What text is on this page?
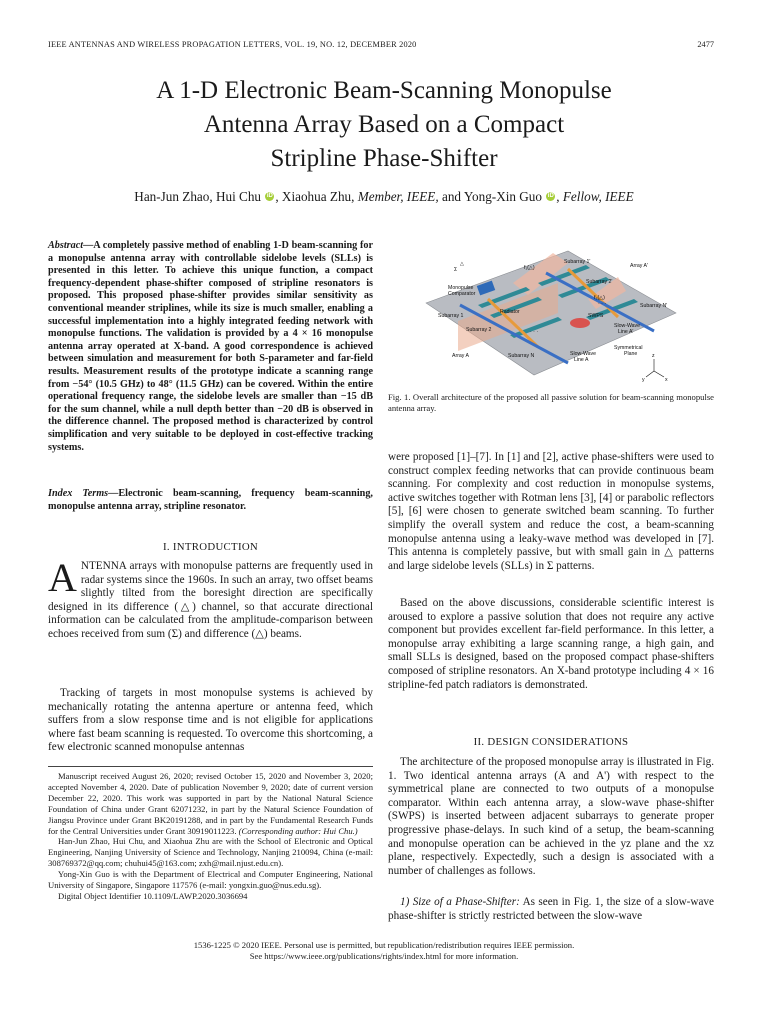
IEEE ANTENNAS AND WIRELESS PROPAGATION LETTERS, VOL. 19, NO. 12, DECEMBER 2020	2477
A 1-D Electronic Beam-Scanning Monopulse
Antenna Array Based on a Compact
Stripline Phase-Shifter
Han-Jun Zhao, Hui Chu iD , Xiaohua Zhu, Member, IEEE, and Yong-Xin Guo iD , Fellow, IEEE
Abstract—A completely passive method of enabling 1-D beam-scanning for a monopulse antenna array with controllable sidelobe levels (SLLs) is presented in this letter. To achieve this unique function, a compact frequency-dependent phase-shifter composed of stripline resonators is proposed. This proposed phase-shifter provides similar sensitivity as conventional meander striplines, while its size is much smaller, enabling a successful implementation into a highly integrated feeding network with monopulse functions. The validation is provided by a 4 × 16 monopulse antenna array operated at X-band. A good correspondence is achieved between simulation and measurement for both S-parameter and far-field results. Measurement results of the prototype indicate a scanning range from −54° (10.5 GHz) to 48° (11.5 GHz) can be covered. Within the entire operational frequency range, the sidelobe levels are smaller than −15 dB for the sum channel, while a null depth better than −20 dB is observed in the difference channel. The proposed method is characterized by control simplification and very suitable to be deployed in cost-effective tracking systems.
Index Terms—Electronic beam-scanning, frequency beam-scanning, monopulse antenna array, stripline resonator.
I. INTRODUCTION
ANTENNA arrays with monopulse patterns are frequently used in radar systems since the 1960s. In such an array, two offset beams slightly tilted from the boresight direction are specifically designed in its difference (△) channel, so that accurate directional information can be calculated from the amplitude-comparison between echoes received from sum (Σ) and difference (△) beams.
Tracking of targets in most monopulse systems is achieved by mechanically rotating the antenna aperture or antenna feed, which suffers from a slow response time and is not eligible for applications where fast beam scanning is requested. To overcome this shortcoming, a few electronic scanned monopulse antennas

Manuscript received August 26, 2020; revised October 15, 2020 and November 3, 2020; accepted November 4, 2020. Date of publication November 9, 2020; date of current version December 22, 2020. This work was supported in part by the National Natural Science Foundation of China under Grant 62071232, in part by the Natural Science Foundation of Jiangsu Province under Grant BK20191288, and in part by the Fundamental Research Funds for the Central Universities under Grant 30919011223. (Corresponding author: Hui Chu.)

Han-Jun Zhao, Hui Chu, and Xiaohua Zhu are with the School of Electronic and Optical Engineering, Nanjing University of Science and Technology, Nanjing 210094, China (e-mail: 308769372@qq.com; chuhui45@163.com; zxh@mail.njust.edu.cn).

Yong-Xin Guo is with the Department of Electrical and Computer Engineering, National University of Singapore, Singapore 117576 (e-mail: yongxin.guo@nus.edu.sg).

Digital Object Identifier 10.1109/LAWP.2020.3036694

· · ·
· · ·
Array A'
Subarray 1'
Subarray 2'
Subarray N'
Monopulse
Comparator
Subarray 1
Subarray 2
Subarray N
Radiator
SWPS
Slow-Wave
Line A'
Symmetrical
Plane
Slow-Wave
Line A
Array A
f₁(△)
f₂(△)
Σ
△
z
x
y
Fig. 1. Overall architecture of the proposed all passive solution for beam-scanning monopulse antenna array.
were proposed [1]–[7]. In [1] and [2], active phase-shifters were used to construct complex feeding networks that can provide continuous beam scanning. For complexity and cost reduction in monopulse systems, active switches together with Rotman lens [3], [4] or parabolic reflectors [5], [6] were chosen to generate switched beam scanning. To further simplify the overall system and reduce the cost, a beam-scanning monopulse antenna using a leaky-wave method was developed in [7]. This antenna is completely passive, but with small gain in △ patterns and large sidelobe levels (SLLs) in Σ patterns.
Based on the above discussions, considerable scientific interest is aroused to explore a passive solution that does not require any active component but provides excellent far-field performance. In this letter, a monopulse array exhibiting a large scanning range, a high gain, and small SLLs is designed, based on the proposed compact phase-shifters composed of stripline resonators. An X-band prototype including 4 × 16 stripline-fed patch radiators is demonstrated.
II. DESIGN CONSIDERATIONS
The architecture of the proposed monopulse array is illustrated in Fig. 1. Two identical antenna arrays (A and A') with respect to the symmetrical plane are connected to two outputs of a monopulse comparator. Within each antenna array, a slow-wave phase-shifter (SWPS) is inserted between adjacent subarrays to generate proper progressive phase-delays. In such kind of a setup, the beam-scanning and monopulse operation can be achieved in the yz plane and the xz plane, respectively. Expectedly, such a design is associated with a number of challenges as follows.
1) Size of a Phase-Shifter: As seen in Fig. 1, the size of a slow-wave phase-shifter is strictly restricted between the slow-wave
1536-1225 © 2020 IEEE. Personal use is permitted, but republication/redistribution requires IEEE permission.
See https://www.ieee.org/publications/rights/index.html for more information.
